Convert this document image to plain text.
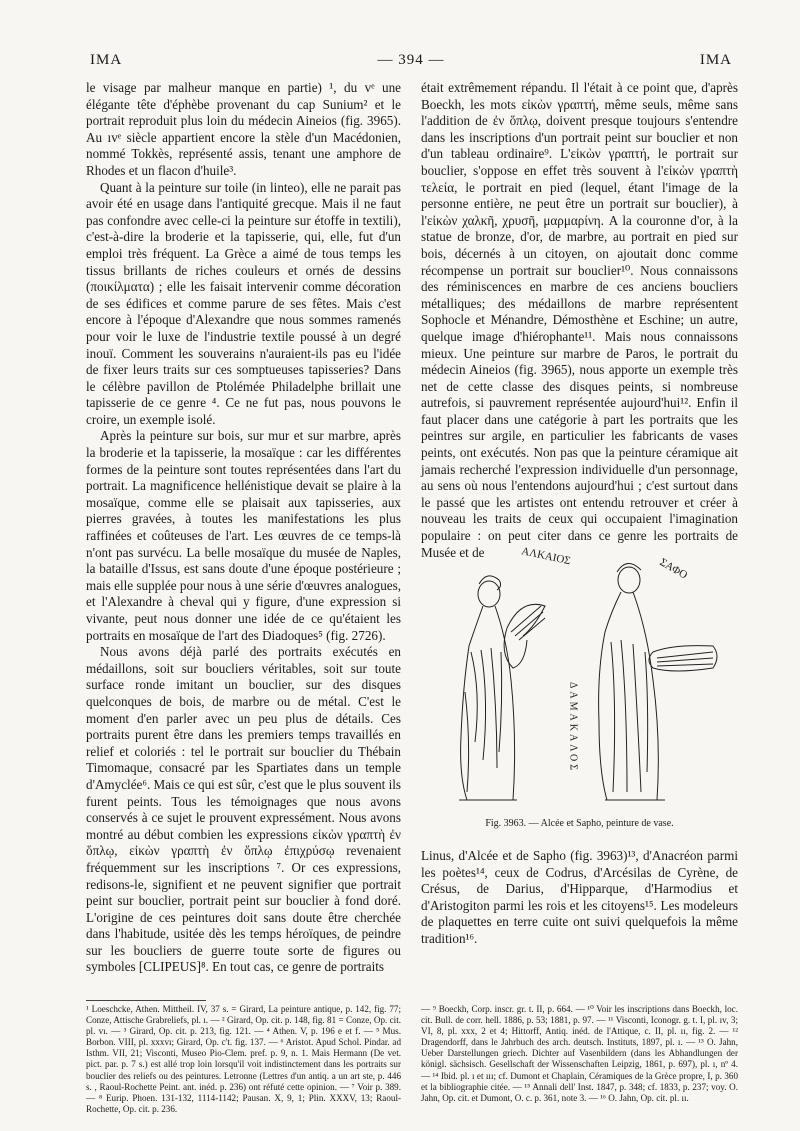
IMA	— 394 —	IMA

le visage par malheur manque en partie) ¹, du vᵉ une élégante tête d'éphèbe provenant du cap Sunium² et le portrait reproduit plus loin du médecin Aineios (fig. 3965). Au ıvᵉ siècle appartient encore la stèle d'un Macédonien, nommé Tokkès, représenté assis, tenant une amphore de Rhodes et un flacon d'huile³.

Quant à la peinture sur toile (in linteo), elle ne parait pas avoir été en usage dans l'antiquité grecque. Mais il ne faut pas confondre avec celle-ci la peinture sur étoffe in textili), c'est-à-dire la broderie et la tapisserie, qui, elle, fut d'un emploi très fréquent. La Grèce a aimé de tous temps les tissus brillants de riches couleurs et ornés de dessins (ποικίλματα) ; elle les faisait intervenir comme décoration de ses édifices et comme parure de ses fêtes. Mais c'est encore à l'époque d'Alexandre que nous sommes ramenés pour voir le luxe de l'industrie textile poussé à un degré inouï. Comment les souverains n'auraient-ils pas eu l'idée de fixer leurs traits sur ces somptueuses tapisseries? Dans le célèbre pavillon de Ptolémée Philadelphe brillait une tapisserie de ce genre ⁴. Ce ne fut pas, nous pouvons le croire, un exemple isolé.

Après la peinture sur bois, sur mur et sur marbre, après la broderie et la tapisserie, la mosaïque : car les différentes formes de la peinture sont toutes représentées dans l'art du portrait. La magnificence hellénistique devait se plaire à la mosaïque, comme elle se plaisait aux tapisseries, aux pierres gravées, à toutes les manifestations les plus raffinées et coûteuses de l'art. Les œuvres de ce temps-là n'ont pas survécu. La belle mosaïque du musée de Naples, la bataille d'Issus, est sans doute d'une époque postérieure ; mais elle supplée pour nous à une série d'œuvres analogues, et l'Alexandre à cheval qui y figure, d'une expression si vivante, peut nous donner une idée de ce qu'étaient les portraits en mosaïque de l'art des Diadoques⁵ (fig. 2726).

Nous avons déjà parlé des portraits exécutés en médaillons, soit sur boucliers véritables, soit sur toute surface ronde imitant un bouclier, sur des disques quelconques de bois, de marbre ou de métal. C'est le moment d'en parler avec un peu plus de détails. Ces portraits purent être dans les premiers temps travaillés en relief et coloriés : tel le portrait sur bouclier du Thébain Timomaque, consacré par les Spartiates dans un temple d'Amyclée⁶. Mais ce qui est sûr, c'est que le plus souvent ils furent peints. Tous les témoignages que nous avons conservés à ce sujet le prouvent expressément. Nous avons montré au début combien les expressions εἰκὼν γραπτὴ ἐν ὅπλῳ, εἰκὼν γραπτὴ ἐν ὅπλῳ ἐπιχρύσῳ revenaient fréquemment sur les inscriptions ⁷. Or ces expressions, redisons-le, signifient et ne peuvent signifier que portrait peint sur bouclier, portrait peint sur bouclier à fond doré. L'origine de ces peintures doit sans doute être cherchée dans l'habitude, usitée dès les temps héroïques, de peindre sur les boucliers de guerre toute sorte de figures ou symboles [CLIPEUS]⁸. En tout cas, ce genre de portraits

était extrêmement répandu. Il l'était à ce point que, d'après Boeckh, les mots εἰκὼν γραπτή, même seuls, même sans l'addition de ἐν ὅπλῳ, doivent presque toujours s'entendre dans les inscriptions d'un portrait peint sur bouclier et non d'un tableau ordinaire⁹. L'εἰκὼν γραπτή, le portrait sur bouclier, s'oppose en effet très souvent à l'εἰκὼν γραπτὴ τελεία, le portrait en pied (lequel, étant l'image de la personne entière, ne peut être un portrait sur bouclier), à l'εἰκὼν χαλκῆ, χρυσῆ, μαρμαρίνη. A la couronne d'or, à la statue de bronze, d'or, de marbre, au portrait en pied sur bois, décernés à un citoyen, on ajoutait donc comme récompense un portrait sur bouclier¹⁰. Nous connaissons des réminiscences en marbre de ces anciens boucliers métalliques; des médaillons de marbre représentent Sophocle et Ménandre, Démosthène et Eschine; un autre, quelque image d'hiérophante¹¹. Mais nous connaissons mieux. Une peinture sur marbre de Paros, le portrait du médecin Aineios (fig. 3965), nous apporte un exemple très net de cette classe des disques peints, si nombreuse autrefois, si pauvrement représentée aujourd'hui¹². Enfin il faut placer dans une catégorie à part les portraits que les peintres sur argile, en particulier les fabricants de vases peints, ont exécutés. Non pas que la peinture céramique ait jamais recherché l'expression individuelle d'un personnage, au sens où nous l'entendons aujourd'hui ; c'est surtout dans le passé que les artistes ont entendu retrouver et créer à nouveau les traits de ceux qui occupaient l'imagination populaire : on peut citer dans ce genre les portraits de Musée et de	ΑΛΚΑΙΟΣ	ΣΑΦΟ
ΔΑΜΑΚΑΛΟΣ
Fig. 3963. — Alcée et Sapho, peinture de vase.

Linus, d'Alcée et de Sapho (fig. 3963)¹³, d'Anacréon parmi les poètes¹⁴, ceux de Codrus, d'Arcésilas de Cyrène, de Crésus, de Darius, d'Hipparque, d'Harmodius et d'Aristogiton parmi les rois et les citoyens¹⁵. Les modeleurs de plaquettes en terre cuite ont suivi quelquefois la même tradition¹⁶.

¹ Loeschcke, Athen. Mittheil. IV, 37 s. = Girard, La peinture antique, p. 142, fig. 77; Conze, Attische Grabreliefs, pl. ı. — ² Girard, Op. cit. p. 148, fig. 81 = Conze, Op. cit. pl. vı. — ³ Girard, Op. cit. p. 213, fig. 121. — ⁴ Athen. V, p. 196 e et f. — ⁵ Mus. Borbon. VIII, pl. xxxvı; Girard, Op. c't. fig. 137. — ⁶ Aristot. Apud Schol. Pindar. ad Isthm. VII, 21; Visconti, Museo Pio-Clem. pref. p. 9, n. 1. Mais Hermann (De vet. pict. par. p. 7 s.) est allé trop loin lorsqu'il voit indistinctement dans les portraits sur bouclier des reliefs ou des peintures. Letronne (Lettres d'un antiq. a un art ste, p. 446 s. , Raoul-Rochette Peint. ant. inéd. p. 236) ont réfuté cette opinion. — ⁷ Voir p. 389. — ⁸ Eurip. Phoen. 131-132, 1114-1142; Pausan. X, 9, 1; Plin. XXXV, 13; Raoul-Rochette, Op. cit. p. 236.
— ⁹ Boeckh, Corp. inscr. gr. t. II, p. 664. — ¹⁰ Voir les inscriptions dans Boeckh, loc. cit. Bull. de corr. hell. 1886, p. 53; 1881, p. 97. — ¹¹ Visconti, Iconogr. g. t. I, pl. ıv, 3; VI, 8, pl. xxx, 2 et 4; Hittorff, Antiq. inéd. de l'Attique, c. II, pl. ıı, fig. 2. — ¹² Dragendorff, dans le Jahrbuch des arch. deutsch. Instituts, 1897, pl. ı. — ¹³ O. Jahn, Ueber Darstellungen griech. Dichter auf Vasenbildern (dans les Abhandlungen der königl. sächsisch. Gesellschaft der Wissenschaften Leipzig, 1861, p. 697), pl. ı, nº 4. — ¹⁴ Ibid. pl. ı et ııı; cf. Dumont et Chaplain, Céramiques de la Grèce propre, I, p. 360 et la bibliographie citée. — ¹⁵ Annali dell' Inst. 1847, p. 348; cf. 1833, p. 237; voy. O. Jahn, Op. cit. et Dumont, O. c. p. 361, note 3. — ¹⁶ O. Jahn, Op. cit. pl. ıı.
